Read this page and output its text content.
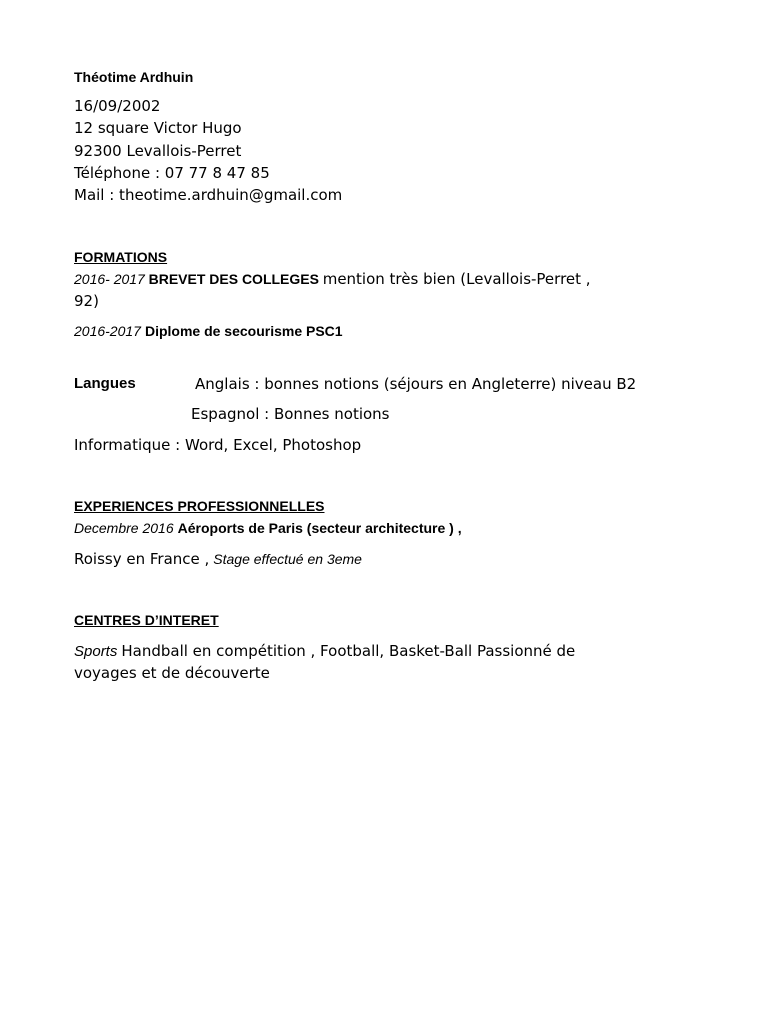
Théotime Ardhuin
16/09/2002
12 square Victor Hugo
92300 Levallois-Perret
Téléphone : 07 77 8 47 85
Mail : theotime.ardhuin@gmail.com
FORMATIONS
2016- 2017 BREVET DES COLLEGES mention très bien (Levallois-Perret ,
92)
2016-2017 Diplome de secourisme PSC1
Langues	Anglais : bonnes notions (séjours en Angleterre) niveau B2
Espagnol : Bonnes notions
Informatique : Word, Excel, Photoshop
EXPERIENCES PROFESSIONNELLES
Decembre 2016 Aéroports de Paris (secteur architecture ) ,
Roissy en France , Stage effectué en 3eme
CENTRES D’INTERET
Sports Handball en compétition , Football, Basket-Ball Passionné de
voyages et de découverte
